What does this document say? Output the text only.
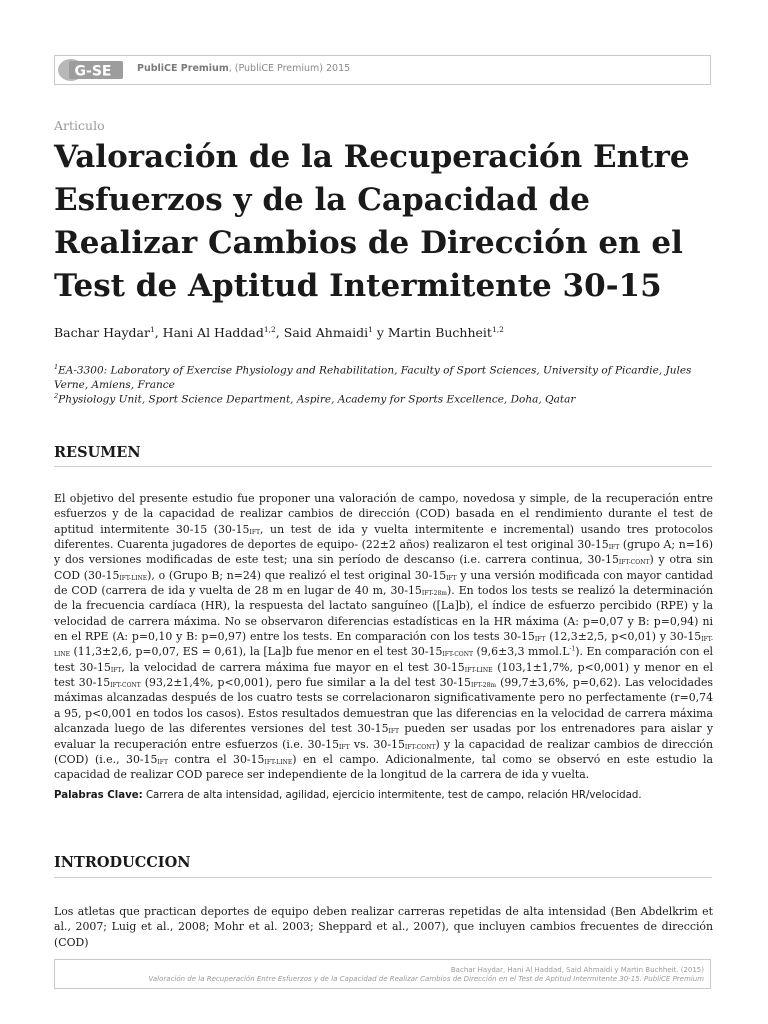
G-SE	PubliCE Premium, (PubliCE Premium) 2015
Articulo
Valoración de la Recuperación Entre Esfuerzos y de la Capacidad de Realizar Cambios de Dirección en el Test de Aptitud Intermitente 30-15
Bachar Haydar$^1$, Hani Al Haddad$^{1,2}$, Said Ahmaidi$^1$ y Martin Buchheit$^{1,2}$
$^1$EA-3300: Laboratory of Exercise Physiology and Rehabilitation, Faculty of Sport Sciences, University of Picardie, Jules Verne, Amiens, France
$^2$Physiology Unit, Sport Science Department, Aspire, Academy for Sports Excellence, Doha, Qatar
RESUMEN

El objetivo del presente estudio fue proponer una valoración de campo, novedosa y simple, de la recuperación entre esfuerzos y de la capacidad de realizar cambios de dirección (COD) basada en el rendimiento durante el test de aptitud intermitente 30-15 ($30-15_{IFT}$, un test de ida y vuelta intermitente e incremental) usando tres protocolos diferentes. Cuarenta jugadores de deportes de equipo- (22±2 años) realizaron el test original $30-15_{IFT}$ (grupo A; n=16) y dos versiones modificadas de este test; una sin período de descanso (i.e. carrera continua, $30-15_{IFT-CONT}$) y otra sin COD $(30-15_{IFT-LINE})$, o (Grupo B; n=24) que realizó el test original $30-15_{IFT}$ y una versión modificada con mayor cantidad de COD (carrera de ida y vuelta de 28 m en lugar de 40 m, $30-15_{IFT-28m}$). En todos los tests se realizó la determinación de la frecuencia cardíaca (HR), la respuesta del lactato sanguíneo ([La]b), el índice de esfuerzo percibido (RPE) y la velocidad de carrera máxima. No se observaron diferencias estadísticas en la HR máxima (A: p=0,07 y B: p=0,94) ni en el RPE (A: p=0,10 y B: p=0,97) entre los tests. En comparación con los tests $30-15_{IFT}$ (12,3±2,5, p<0,01) y $30-15_{IFT-LINE}$ (11,3±2,6, p=0,07, ES = 0,61), la [La]b fue menor en el test $30-15_{IFT-CONT}$ (9,6±3,3 $mmol.L^{-1}$). En comparación con el test $30-15_{IFT}$, la velocidad de carrera máxima fue mayor en el test $30-15_{IFT-LINE}$ (103,1±1,7%, p<0,001) y menor en el test $30-15_{IFT-CONT}$ (93,2±1,4%, p<0,001), pero fue similar a la del test $30-15_{IFT-28m}$ (99,7±3,6%, p=0,62). Las velocidades máximas alcanzadas después de los cuatro tests se correlacionaron significativamente pero no perfectamente (r=0,74 a 95, p<0,001 en todos los casos). Estos resultados demuestran que las diferencias en la velocidad de carrera máxima alcanzada luego de las diferentes versiones del test $30-15_{IFT}$ pueden ser usadas por los entrenadores para aislar y evaluar la recuperación entre esfuerzos (i.e. $30-15_{IFT}$ vs. $30-15_{IFT-CONT}$) y la capacidad de realizar cambios de dirección (COD) (i.e., $30-15_{IFT}$ contra el $30-15_{IFT-LINE}$) en el campo. Adicionalmente, tal como se observó en este estudio la capacidad de realizar COD parece ser independiente de la longitud de la carrera de ida y vuelta.

Palabras Clave: Carrera de alta intensidad, agilidad, ejercicio intermitente, test de campo, relación HR/velocidad.
INTRODUCCION

Los atletas que practican deportes de equipo deben realizar carreras repetidas de alta intensidad (Ben Abdelkrim et al., 2007; Luig et al., 2008; Mohr et al. 2003; Sheppard et al., 2007), que incluyen cambios frecuentes de dirección (COD)

Bachar Haydar, Hani Al Haddad, Said Ahmaidi y Martin Buchheit. (2015)
Valoración de la Recuperación Entre Esfuerzos y de la Capacidad de Realizar Cambios de Dirección en el Test de Aptitud Intermitente 30-15. PubliCE Premium
